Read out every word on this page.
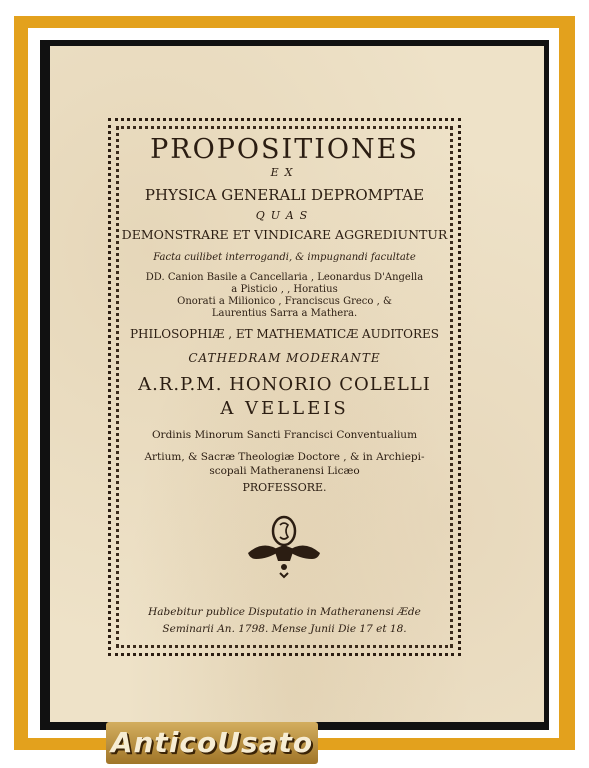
PROPOSITIONES
EX
PHYSICA GENERALI DEPROMPTAE
QUAS
DEMONSTRARE ET VINDICARE AGGREDIUNTUR
Facta cuilibet interrogandi, & impugnandi facultate
DD. Canion Basile a Cancellaria , Leonardus D'Angella
a Pisticio , , Horatius
Onorati a Milionico , Franciscus Greco , &
Laurentius Sarra a Mathera.
PHILOSOPHIÆ , ET MATHEMATICÆ AUDITORES
CATHEDRAM MODERANTE
A.R.P.M. HONORIO COLELLI
A VELLEIS
Ordinis Minorum Sancti Francisci Conventualium
Artium, & Sacræ Theologiæ Doctore , & in Archiepi-
scopali Matheranensi Licæo
PROFESSORE.
Habebitur publice Disputatio in Matheranensi Æde
Seminarii An. 1798. Mense Junii Die 17 et 18.
AnticoUsato
